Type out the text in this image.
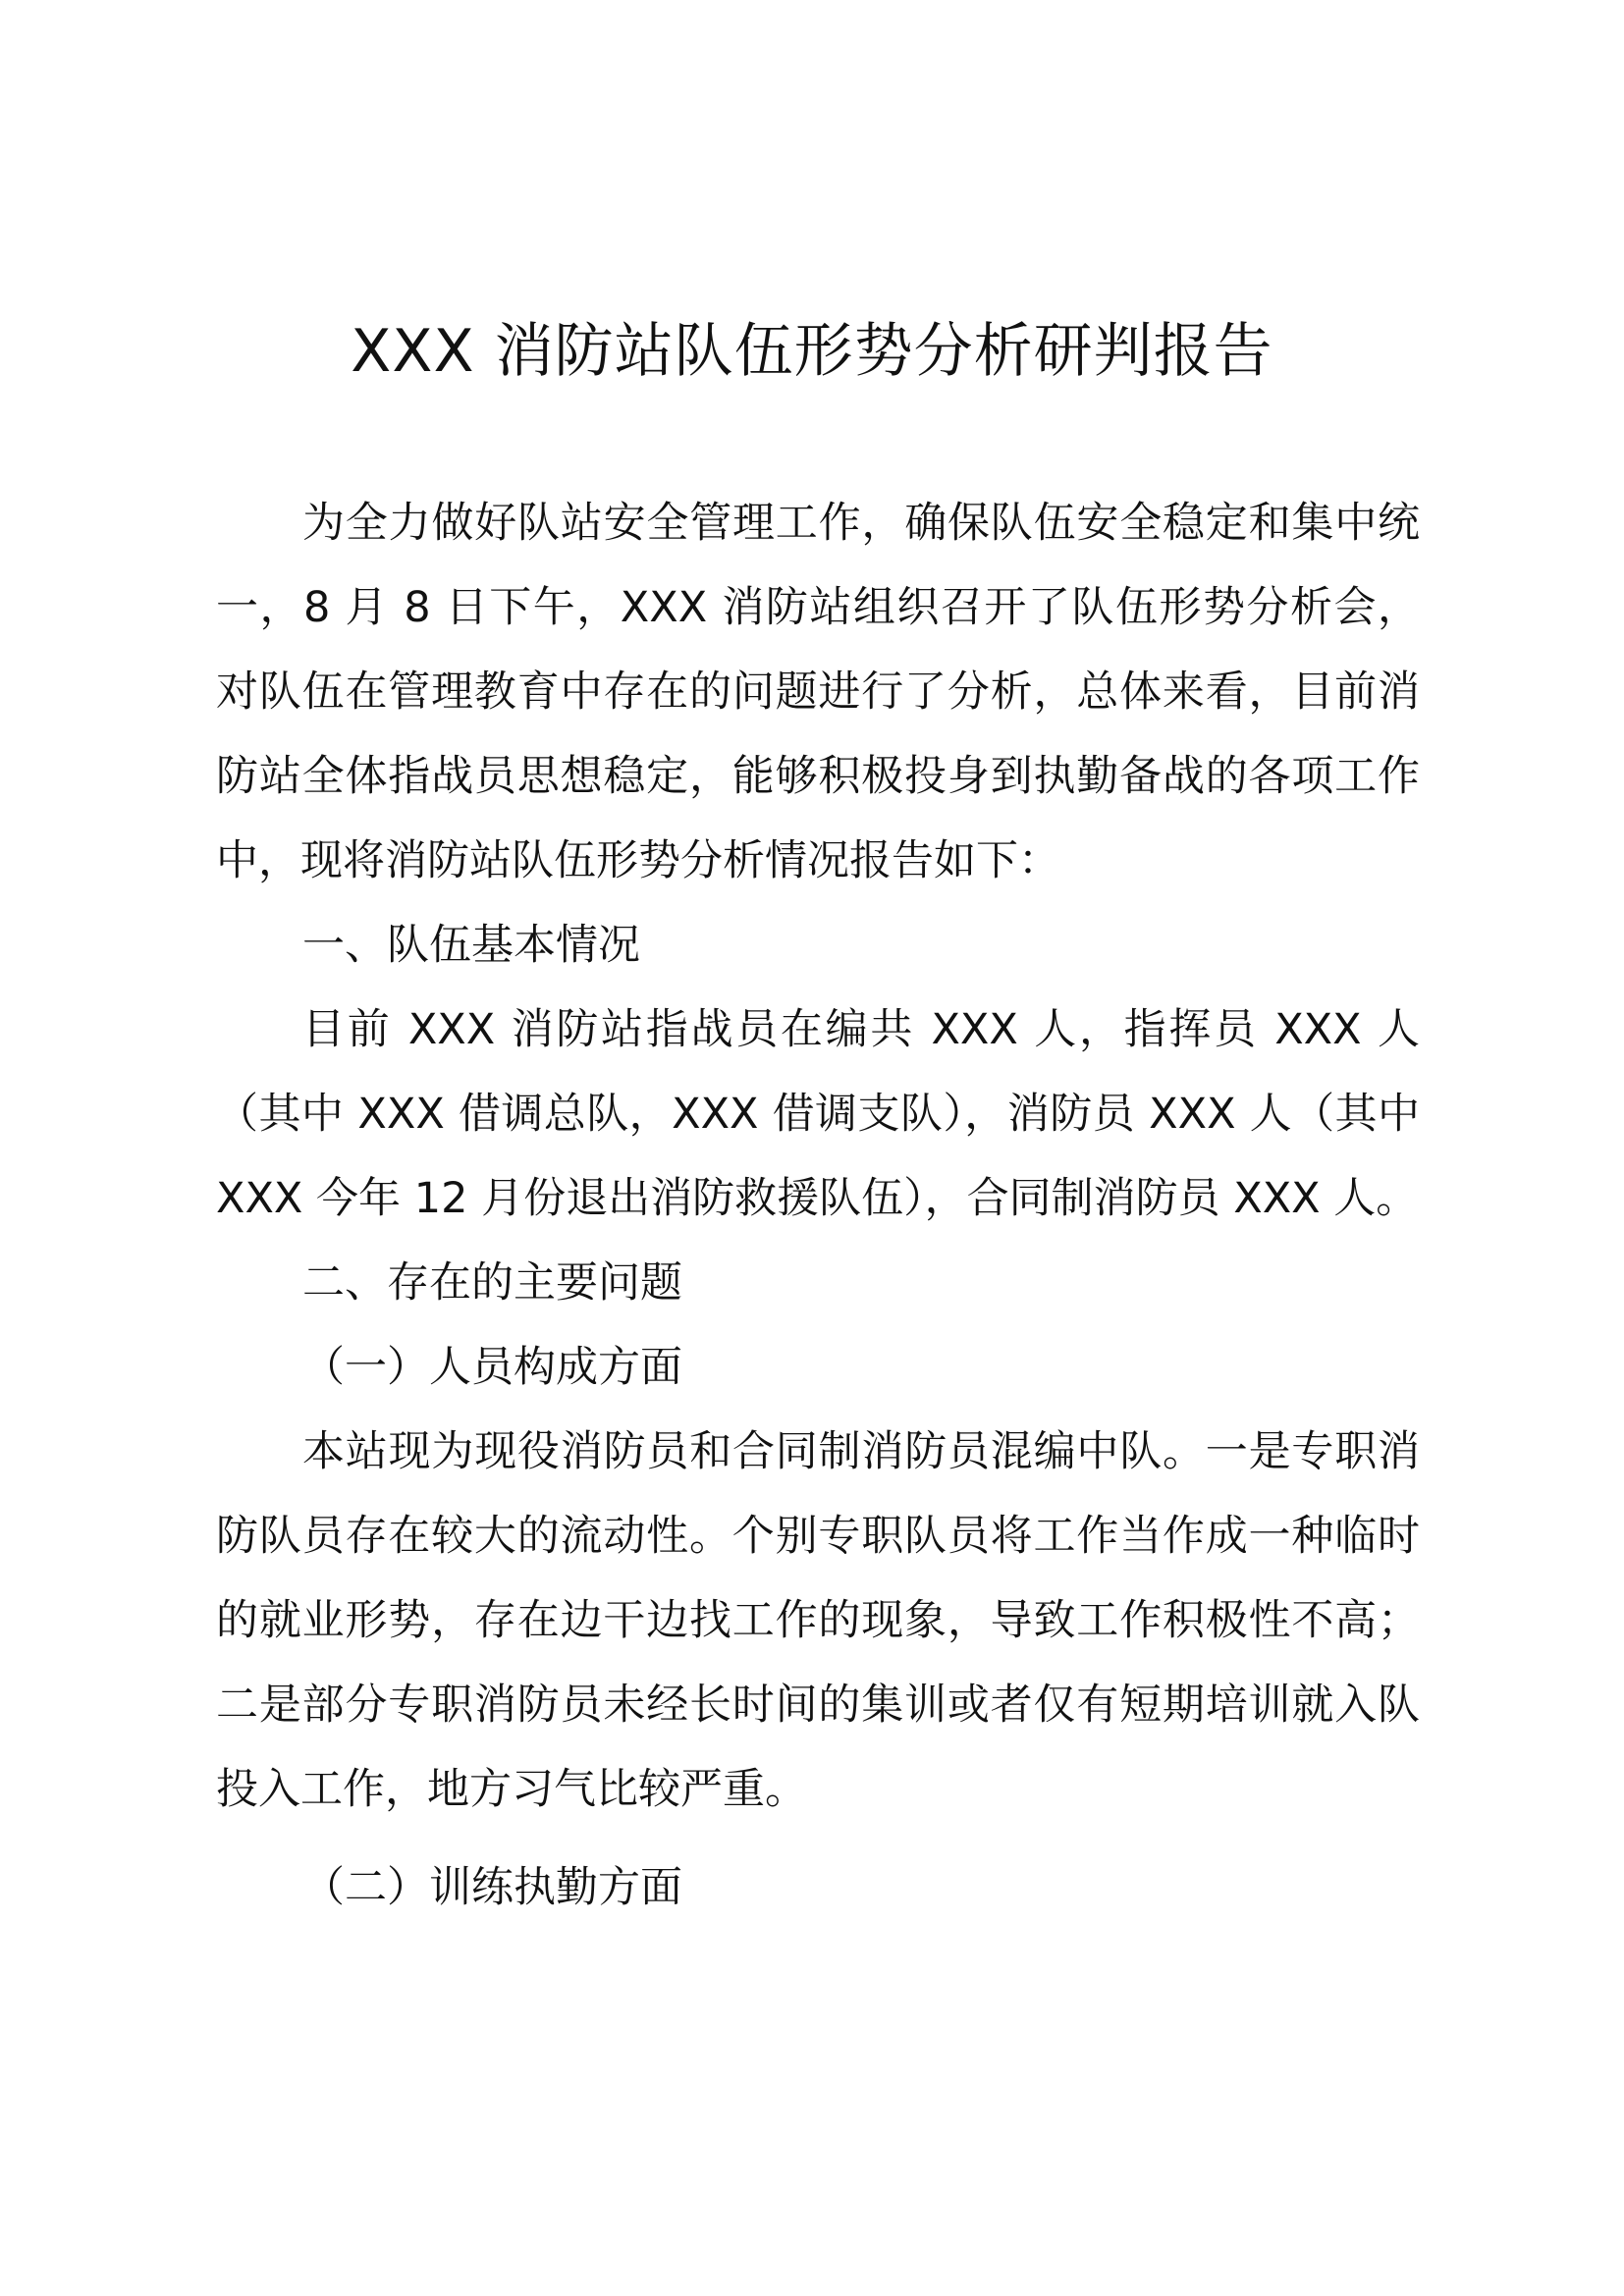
XXX 消防站队伍形势分析研判报告

为全力做好队站安全管理工作，确保队伍安全稳定和集中统一，8 月 8 日下午，XXX 消防站组织召开了队伍形势分析会，对队伍在管理教育中存在的问题进行了分析，总体来看，目前消防站全体指战员思想稳定，能够积极投身到执勤备战的各项工作中，现将消防站队伍形势分析情况报告如下：

一、队伍基本情况

目前 XXX 消防站指战员在编共 XXX 人，指挥员 XXX 人（其中 XXX 借调总队，XXX 借调支队），消防员 XXX 人（其中 XXX 今年 12 月份退出消防救援队伍），合同制消防员 XXX 人。

二、存在的主要问题

（一）人员构成方面

本站现为现役消防员和合同制消防员混编中队。一是专职消防队员存在较大的流动性。个别专职队员将工作当作成一种临时的就业形势，存在边干边找工作的现象，导致工作积极性不高；二是部分专职消防员未经长时间的集训或者仅有短期培训就入队投入工作，地方习气比较严重。

（二）训练执勤方面
